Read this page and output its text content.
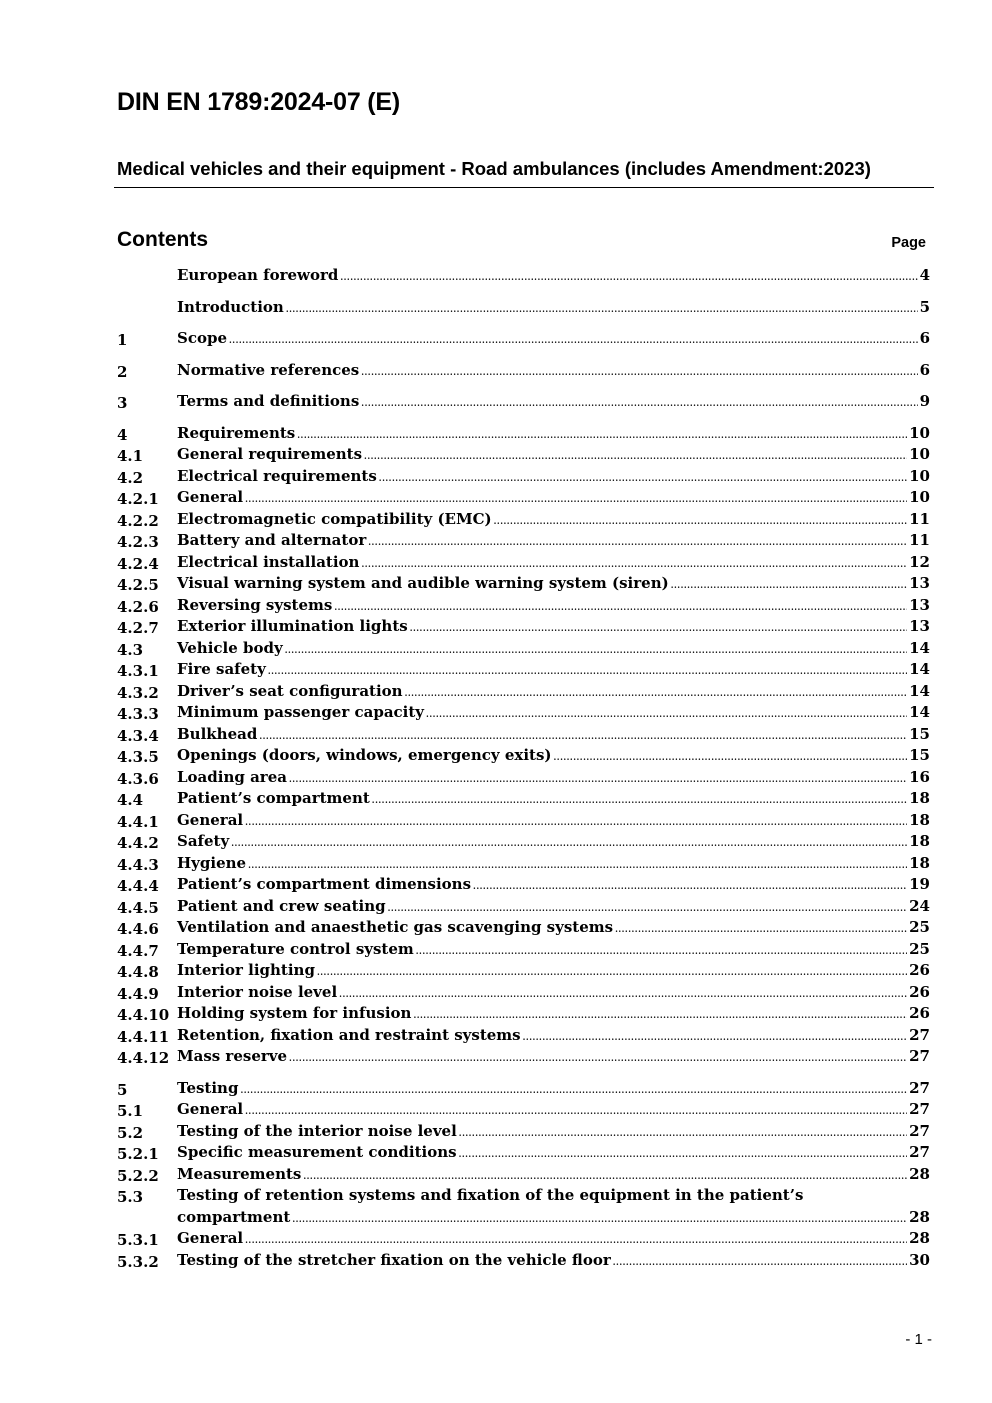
DIN EN 1789:2024-07 (E)
Medical vehicles and their equipment - Road ambulances (includes Amendment:2023)
Contents	Page
European foreword .....	4
Introduction .....	5
1	Scope .....	6
2	Normative references .....	6
3	Terms and definitions .....	9
4	Requirements .....	10
4.1	General requirements .....	10
4.2	Electrical requirements .....	10
4.2.1	General .....	10
4.2.2	Electromagnetic compatibility (EMC) .....	11
4.2.3	Battery and alternator .....	11
4.2.4	Electrical installation .....	12
4.2.5	Visual warning system and audible warning system (siren) .....	13
4.2.6	Reversing systems .....	13
4.2.7	Exterior illumination lights .....	13
4.3	Vehicle body .....	14
4.3.1	Fire safety .....	14
4.3.2	Driver’s seat configuration .....	14
4.3.3	Minimum passenger capacity .....	14
4.3.4	Bulkhead .....	15
4.3.5	Openings (doors, windows, emergency exits) .....	15
4.3.6	Loading area .....	16
4.4	Patient’s compartment .....	18
4.4.1	General .....	18
4.4.2	Safety .....	18
4.4.3	Hygiene .....	18
4.4.4	Patient’s compartment dimensions .....	19
4.4.5	Patient and crew seating .....	24
4.4.6	Ventilation and anaesthetic gas scavenging systems .....	25
4.4.7	Temperature control system .....	25
4.4.8	Interior lighting .....	26
4.4.9	Interior noise level .....	26
4.4.10 Holding system for infusion .....	26
4.4.11 Retention, fixation and restraint systems .....	27
4.4.12 Mass reserve .....	27
5	Testing .....	27
5.1	General .....	27
5.2	Testing of the interior noise level .....	27
5.2.1	Specific measurement conditions .....	27
5.2.2	Measurements .....	28
5.3	Testing of retention systems and fixation of the equipment in the patient’s
compartment .....	28
5.3.1	General .....	28
5.3.2	Testing of the stretcher fixation on the vehicle floor .....	30
- 1 -
